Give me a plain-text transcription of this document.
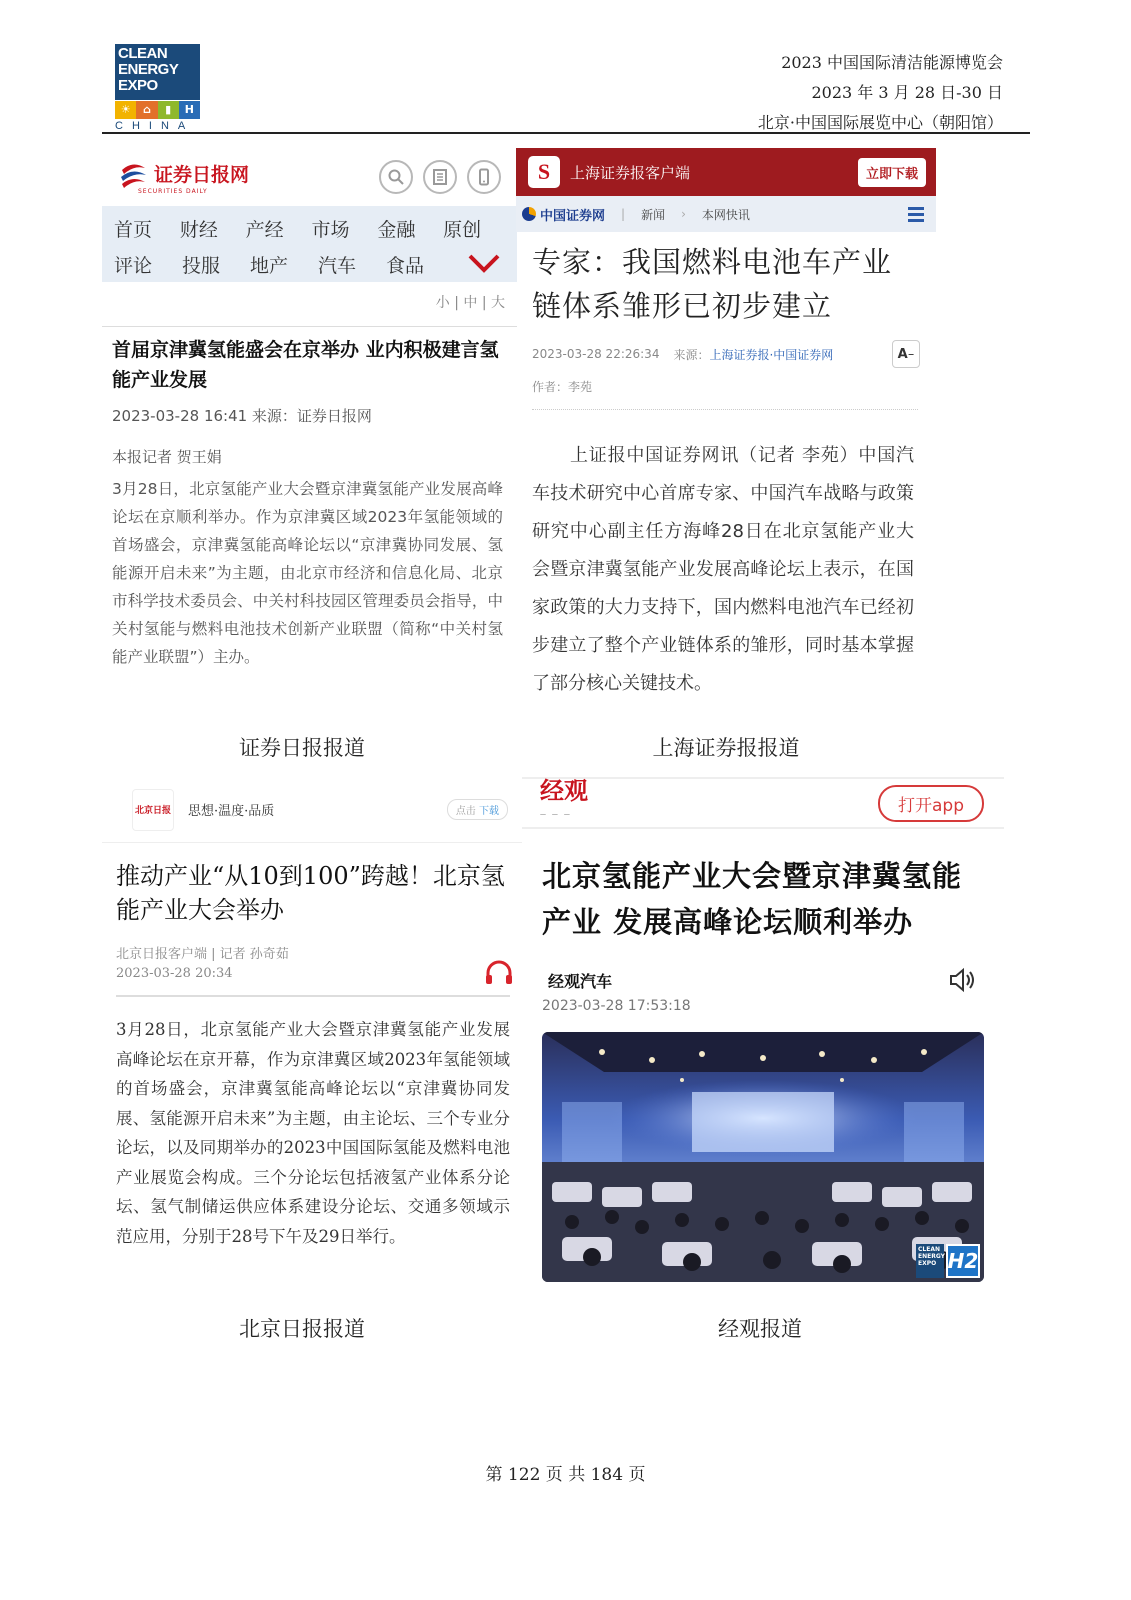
CLEAN
ENERGY
EXPO
☀	⌂	▮	H
CHINA
2023 中国国际清洁能源博览会
2023 年 3 月 28 日-30 日
北京·中国国际展览中心（朝阳馆）
证券日报网
SECURITIES DAILY
首页	财经	产经	市场	金融	原创
评论	投服	地产	汽车	食品
小 | 中 | 大
首届京津冀氢能盛会在京举办 业内积极建言氢能产业发展
2023-03-28 16:41 来源：证券日报网
本报记者 贺王娟
3月28日，北京氢能产业大会暨京津冀氢能产业发展高峰论坛在京顺利举办。作为京津冀区域2023年氢能领域的首场盛会，京津冀氢能高峰论坛以“京津冀协同发展、氢能源开启未来”为主题，由北京市经济和信息化局、北京市科学技术委员会、中关村科技园区管理委员会指导，中关村氢能与燃料电池技术创新产业联盟（简称“中关村氢能产业联盟”）主办。
证券日报报道
S	上海证券报客户端	立即下载
中国证券网 | 新闻 › 本网快讯
专家：我国燃料电池车产业链体系雏形已初步建立
2023-03-28 22:26:34 来源： 上海证券报·中国证券网	A −
作者：李苑
上证报中国证券网讯（记者 李苑）中国汽车技术研究中心首席专家、中国汽车战略与政策研究中心副主任方海峰28日在北京氢能产业大会暨京津冀氢能产业发展高峰论坛上表示，在国家政策的大力支持下，国内燃料电池汽车已经初步建立了整个产业链体系的雏形，同时基本掌握了部分核心关键技术。
上海证券报报道
北京日报 思想·温度·品质	点击 下载
推动产业“从10到100”跨越！北京氢能产业大会举办
北京日报客户端 | 记者 孙奇茹
2023-03-28 20:34
3月28日，北京氢能产业大会暨京津冀氢能产业发展高峰论坛在京开幕，作为京津冀区域2023年氢能领域的首场盛会，京津冀氢能高峰论坛以“京津冀协同发展、氢能源开启未来”为主题，由主论坛、三个专业分论坛，以及同期举办的2023中国国际氢能及燃料电池产业展览会构成。三个分论坛包括液氢产业体系分论坛、氢气制储运供应体系建设分论坛、交通多领域示范应用，分别于28号下午及29日举行。
北京日报报道
经观
— — —	打开app
北京氢能产业大会暨京津冀氢能产业 发展高峰论坛顺利举办
经观汽车
2023-03-28 17:53:18
CLEAN
ENERGY
EXPO H2
经观报道
第 122 页 共 184 页
